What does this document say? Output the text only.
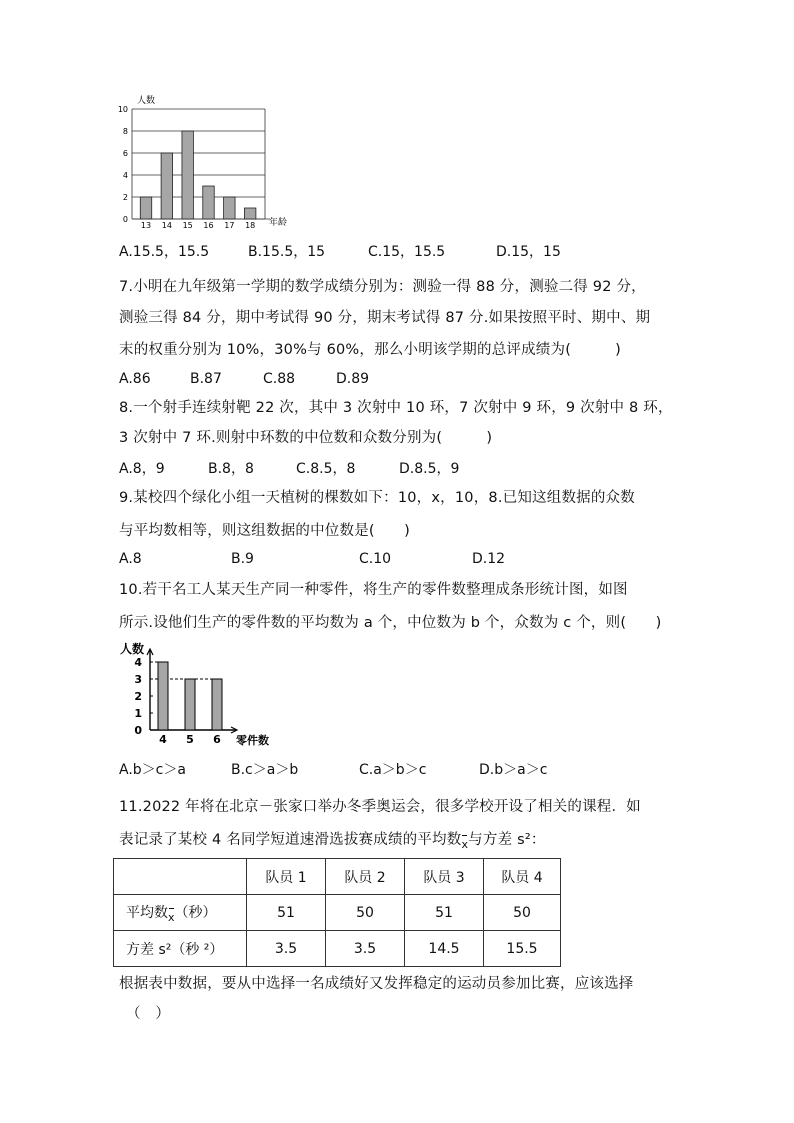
0
2
4
6
8
10
13 14 15 16 17 18
人数
年龄
A.15.5，15.5	B.15.5，15	C.15，15.5	D.15，15
7.小明在九年级第一学期的数学成绩分别为：测验一得 88 分，测验二得 92 分，
测验三得 84 分，期中考试得 90 分，期末考试得 87 分.如果按照平时、期中、期
末的权重分别为 10%，30%与 60%，那么小明该学期的总评成绩为(　　　)
A.86	B.87	C.88	D.89
8.一个射手连续射靶 22 次，其中 3 次射中 10 环，7 次射中 9 环，9 次射中 8 环，
3 次射中 7 环.则射中环数的中位数和众数分别为(　　　)
A.8，9	B.8，8	C.8.5，8	D.8.5，9
9.某校四个绿化小组一天植树的棵数如下：10，x，10，8.已知这组数据的众数
与平均数相等，则这组数据的中位数是(　　)
A.8	B.9	C.10	D.12
10.若干名工人某天生产同一种零件，将生产的零件数整理成条形统计图，如图
所示.设他们生产的零件数的平均数为 a 个，中位数为 b 个，众数为 c 个，则(　　)
0
1
2
3
4
4 5 6
人数
零件数
A.b＞c＞a	B.c＞a＞b	C.a＞b＞c	D.b＞a＞c
11.2022 年将在北京－张家口举办冬季奥运会，很多学校开设了相关的课程．如
表记录了某校 4 名同学短道速滑选拔赛成绩的平均数x与方差 s²：
	队员 1	队员 2	队员 3	队员 4
平均数x（秒）	51	50	51	50
方差 s²（秒 ²）	3.5	3.5	14.5	15.5
根据表中数据，要从中选择一名成绩好又发挥稳定的运动员参加比赛，应该选择
（　）
